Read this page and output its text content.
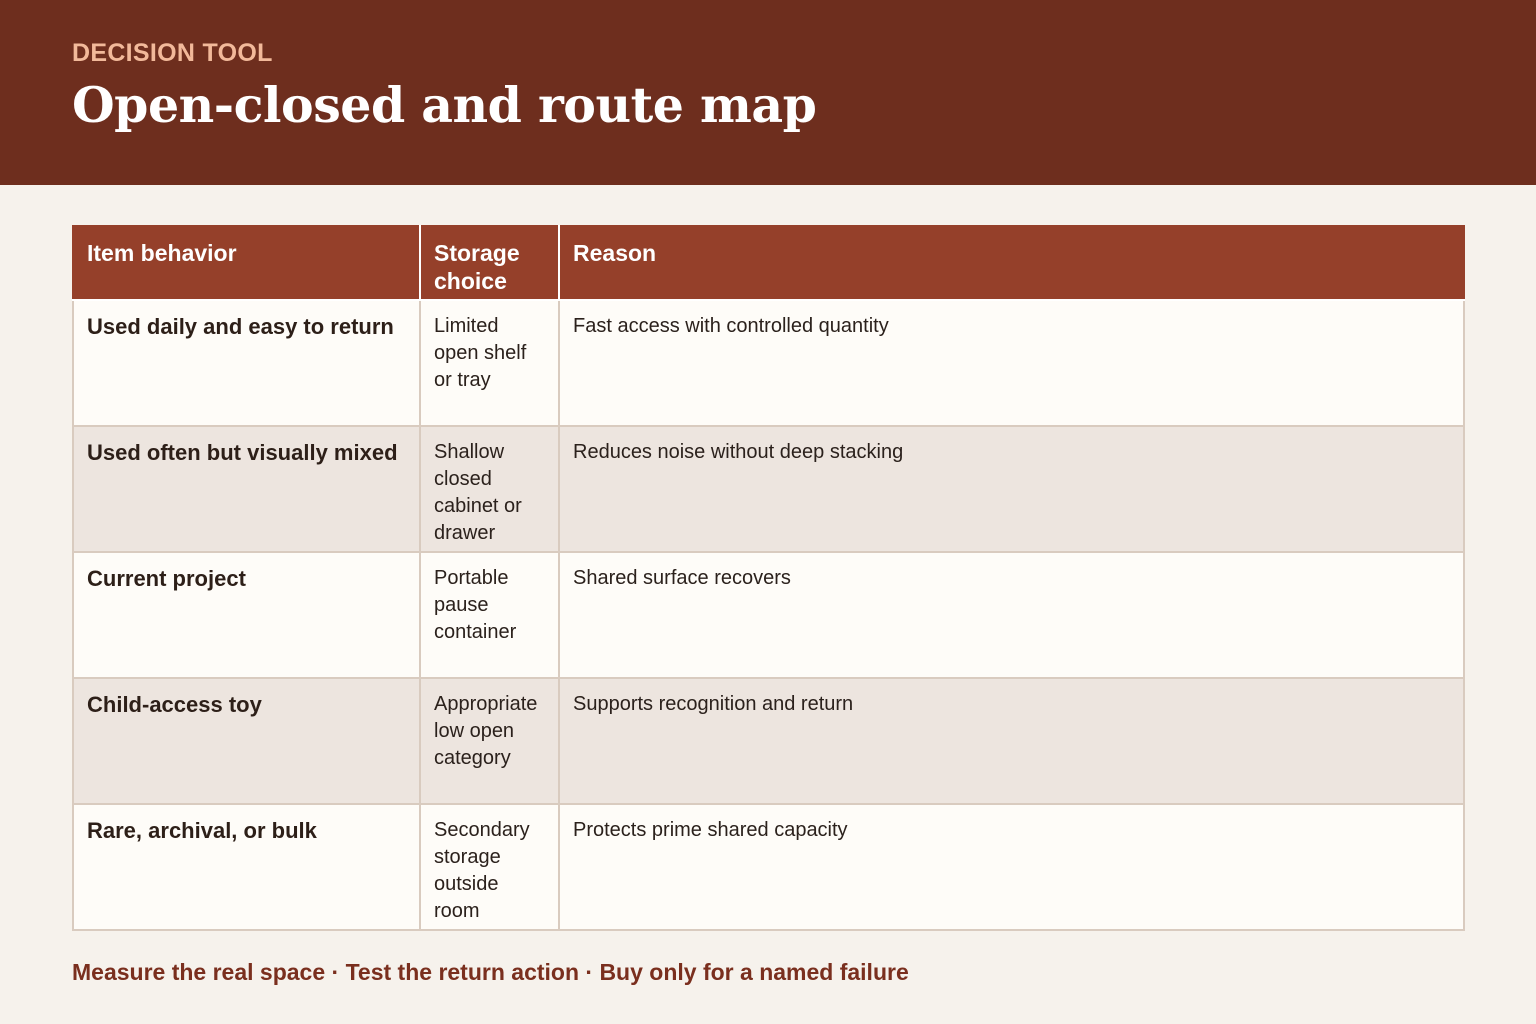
DECISION TOOL

Open-closed and route map
Item behavior	Storage choice	Reason
Used daily and easy to return	Limited open shelf or tray	Fast access with controlled quantity
Used often but visually mixed	Shallow closed cabinet or drawer	Reduces noise without deep stacking
Current project	Portable pause container	Shared surface recovers
Child-access toy	Appropriate low open category	Supports recognition and return
Rare, archival, or bulk	Secondary storage outside room	Protects prime shared capacity

Measure the real space · Test the return action · Buy only for a named failure
